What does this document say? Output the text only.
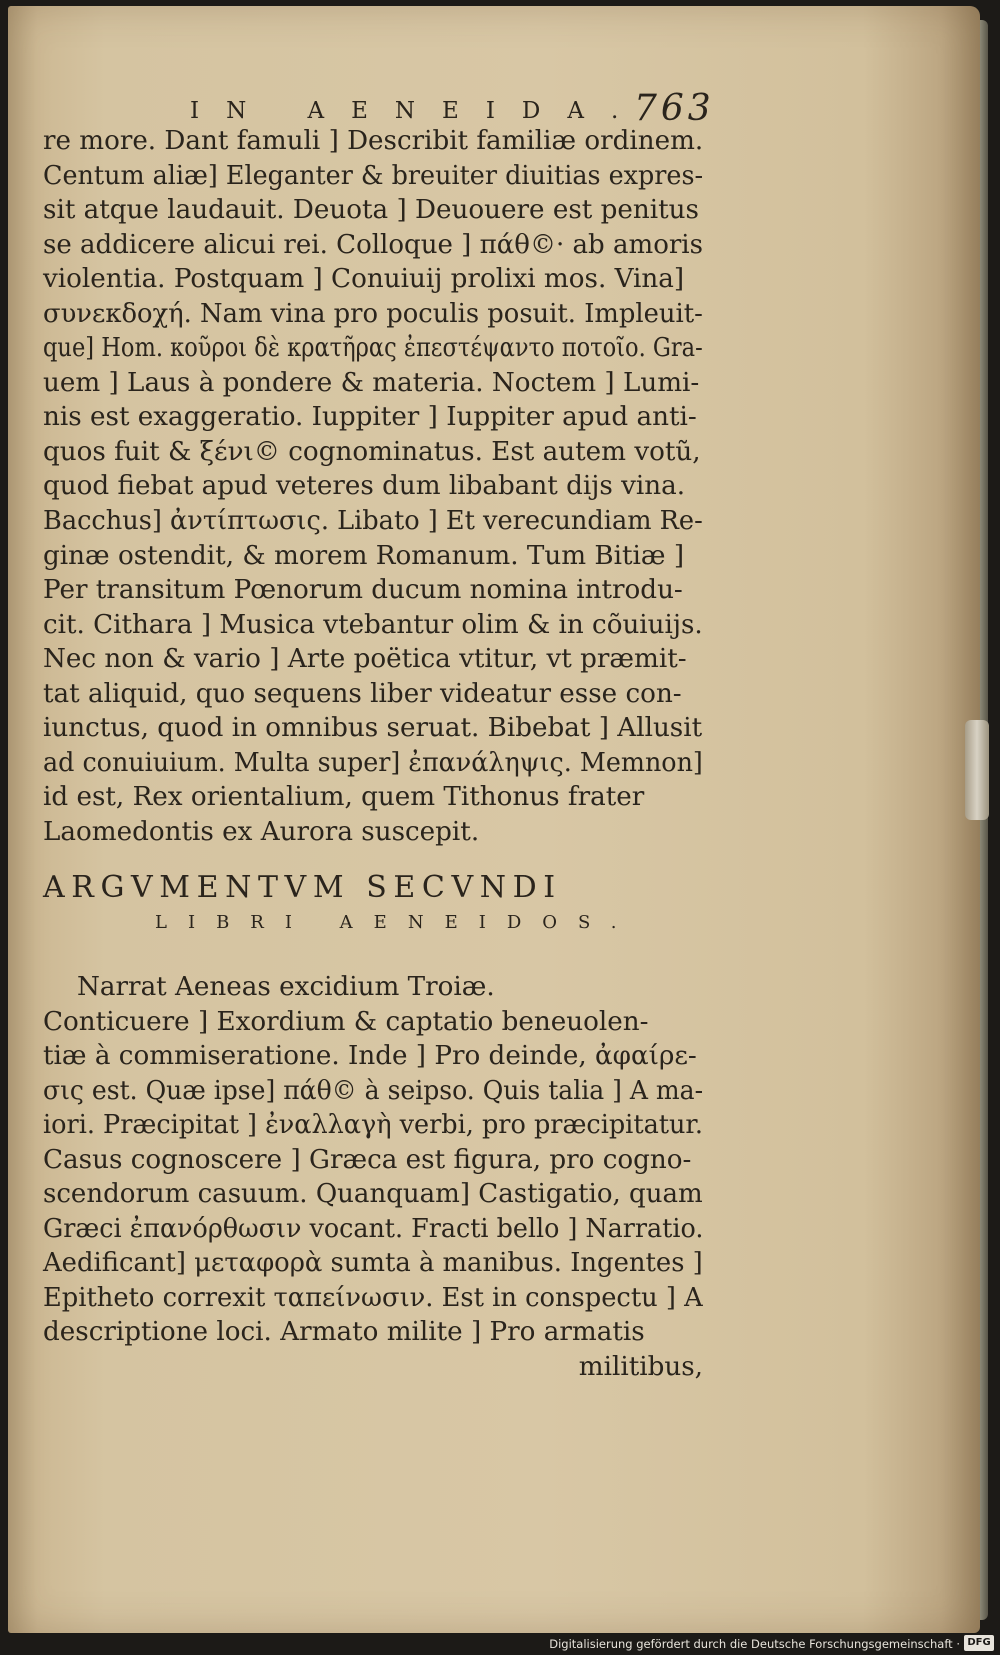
IN AENEIDA.
763
re more. Dant famuli ] Describit familiæ ordinem.
Centum aliæ] Eleganter & breuiter diuitias expres-
sit atque laudauit. Deuota ] Deuouere est penitus
se addicere alicui rei. Colloque ] πάθ©· ab amoris
violentia. Postquam ] Conuiuij prolixi mos. Vina]
συνεκδοχή. Nam vina pro poculis posuit. Impleuit-
que] Hom. κοῦροι δὲ κρατῆρας ἐπεστέψαντο ποτοῖο. Gra-
uem ] Laus à pondere & materia. Noctem ] Lumi-
nis est exaggeratio. Iuppiter ] Iuppiter apud anti-
quos fuit & ξένι© cognominatus. Est autem votũ,
quod fiebat apud veteres dum libabant dijs vina.
Bacchus] ἀντίπτωσις. Libato ] Et verecundiam Re-
ginæ ostendit, & morem Romanum. Tum Bitiæ ]
Per transitum Pœnorum ducum nomina introdu-
cit. Cithara ] Musica vtebantur olim & in cõuiuijs.
Nec non & vario ] Arte poëtica vtitur, vt præmit-
tat aliquid, quo sequens liber videatur esse con-
iunctus, quod in omnibus seruat. Bibebat ] Allusit
ad conuiuium. Multa super] ἐπανάληψις. Memnon]
id est, Rex orientalium, quem Tithonus frater
Laomedontis ex Aurora suscepit.
ARGVMENTVM SECVNDI
LIBRI AENEIDOS.
Narrat Aeneas excidium Troiæ.
Conticuere ] Exordium & captatio beneuolen-
tiæ à commiseratione. Inde ] Pro deinde, ἀφαίρε-
σις est. Quæ ipse] πάθ© à seipso. Quis talia ] A ma-
iori. Præcipitat ] ἐναλλαγὴ verbi, pro præcipitatur.
Casus cognoscere ] Græca est figura, pro cogno-
scendorum casuum. Quanquam] Castigatio, quam
Græci ἐπανόρθωσιν vocant. Fracti bello ] Narratio.
Aedificant] μεταφορὰ sumta à manibus. Ingentes ]
Epitheto correxit ταπείνωσιν. Est in conspectu ] A
descriptione loci. Armato milite ] Pro armatis
militibus,
Digitalisierung gefördert durch die Deutsche Forschungsgemeinschaft · DFG
